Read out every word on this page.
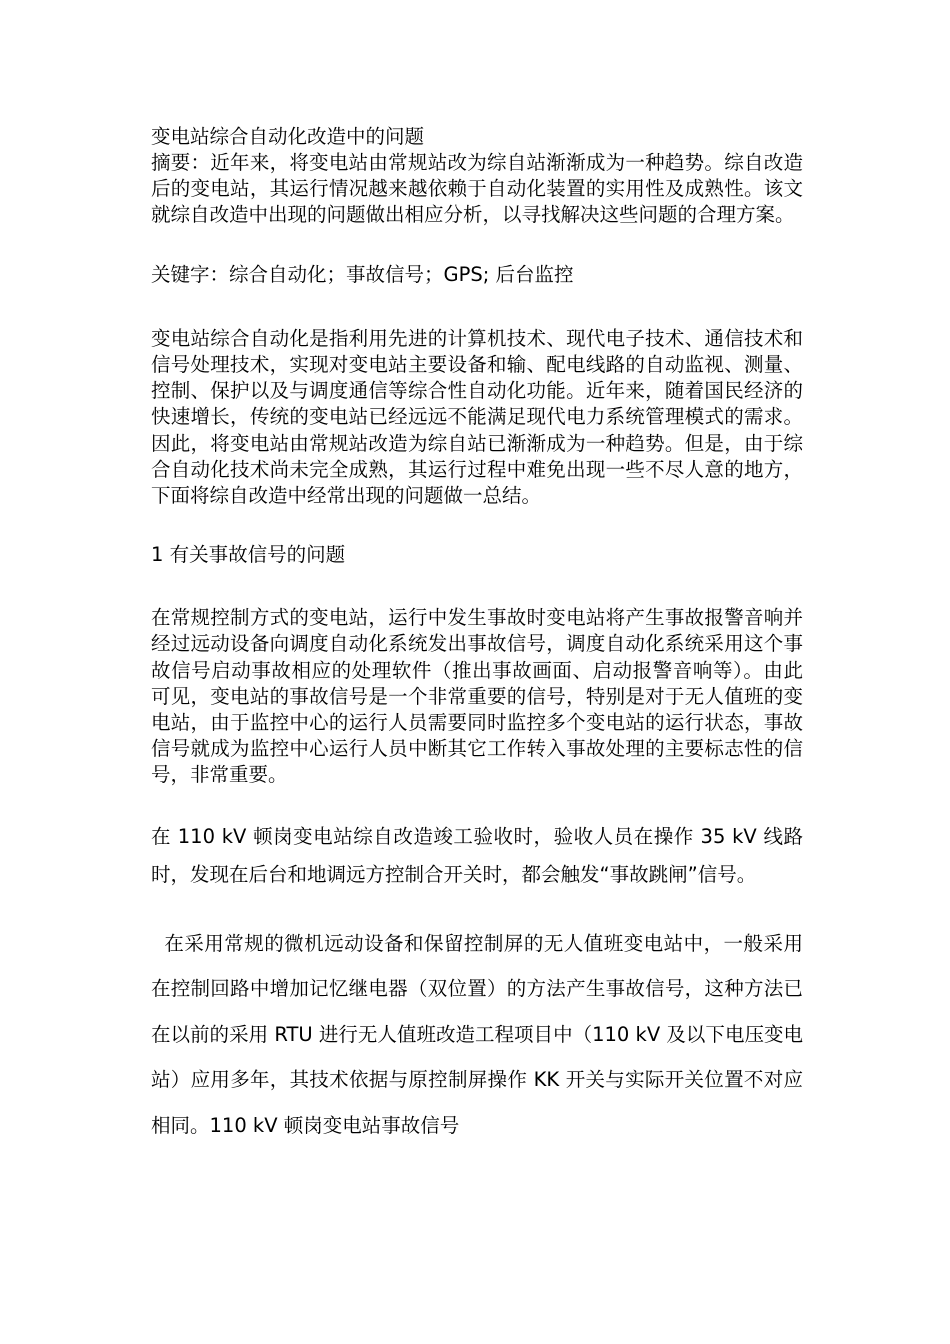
变电站综合自动化改造中的问题

摘要：近年来，将变电站由常规站改为综自站渐渐成为一种趋势。综自改造后的变电站，其运行情况越来越依赖于自动化装置的实用性及成熟性。该文就综自改造中出现的问题做出相应分析，以寻找解决这些问题的合理方案。

关键字：综合自动化；事故信号；GPS; 后台监控

变电站综合自动化是指利用先进的计算机技术、现代电子技术、通信技术和信号处理技术，实现对变电站主要设备和输、配电线路的自动监视、测量、控制、保护以及与调度通信等综合性自动化功能。近年来，随着国民经济的快速增长，传统的变电站已经远远不能满足现代电力系统管理模式的需求。因此，将变电站由常规站改造为综自站已渐渐成为一种趋势。但是，由于综合自动化技术尚未完全成熟，其运行过程中难免出现一些不尽人意的地方，下面将综自改造中经常出现的问题做一总结。

1 有关事故信号的问题

在常规控制方式的变电站，运行中发生事故时变电站将产生事故报警音响并经过远动设备向调度自动化系统发出事故信号，调度自动化系统采用这个事故信号启动事故相应的处理软件（推出事故画面、启动报警音响等）。由此可见，变电站的事故信号是一个非常重要的信号，特别是对于无人值班的变电站，由于监控中心的运行人员需要同时监控多个变电站的运行状态，事故信号就成为监控中心运行人员中断其它工作转入事故处理的主要标志性的信号，非常重要。

在 110 kV 顿岗变电站综自改造竣工验收时，验收人员在操作 35 kV 线路时，发现在后台和地调远方控制合开关时，都会触发“事故跳闸”信号。

在采用常规的微机远动设备和保留控制屏的无人值班变电站中，一般采用在控制回路中增加记忆继电器（双位置）的方法产生事故信号，这种方法已在以前的采用 RTU 进行无人值班改造工程项目中（110 kV 及以下电压变电站）应用多年，其技术依据与原控制屏操作 KK 开关与实际开关位置不对应相同。110 kV 顿岗变电站事故信号
